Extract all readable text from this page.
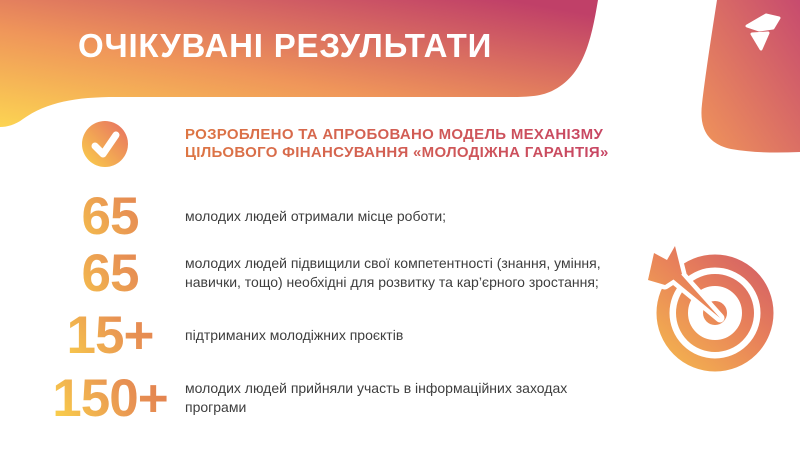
ОЧІКУВАНІ РЕЗУЛЬТАТИ
РОЗРОБЛЕНО ТА АПРОБОВАНО МОДЕЛЬ МЕХАНІЗМУ
ЦІЛЬОВОГО ФІНАНСУВАННЯ «МОЛОДІЖНА ГАРАНТІЯ»
65	молодих людей отримали місце роботи;
65	молодих людей підвищили свої компетентності (знання, уміння,
навички, тощо) необхідні для розвитку та кар’єрного зростання;
15+	підтриманих молодіжних проєктів
150+	молодих людей прийняли участь в інформаційних заходах
програми
